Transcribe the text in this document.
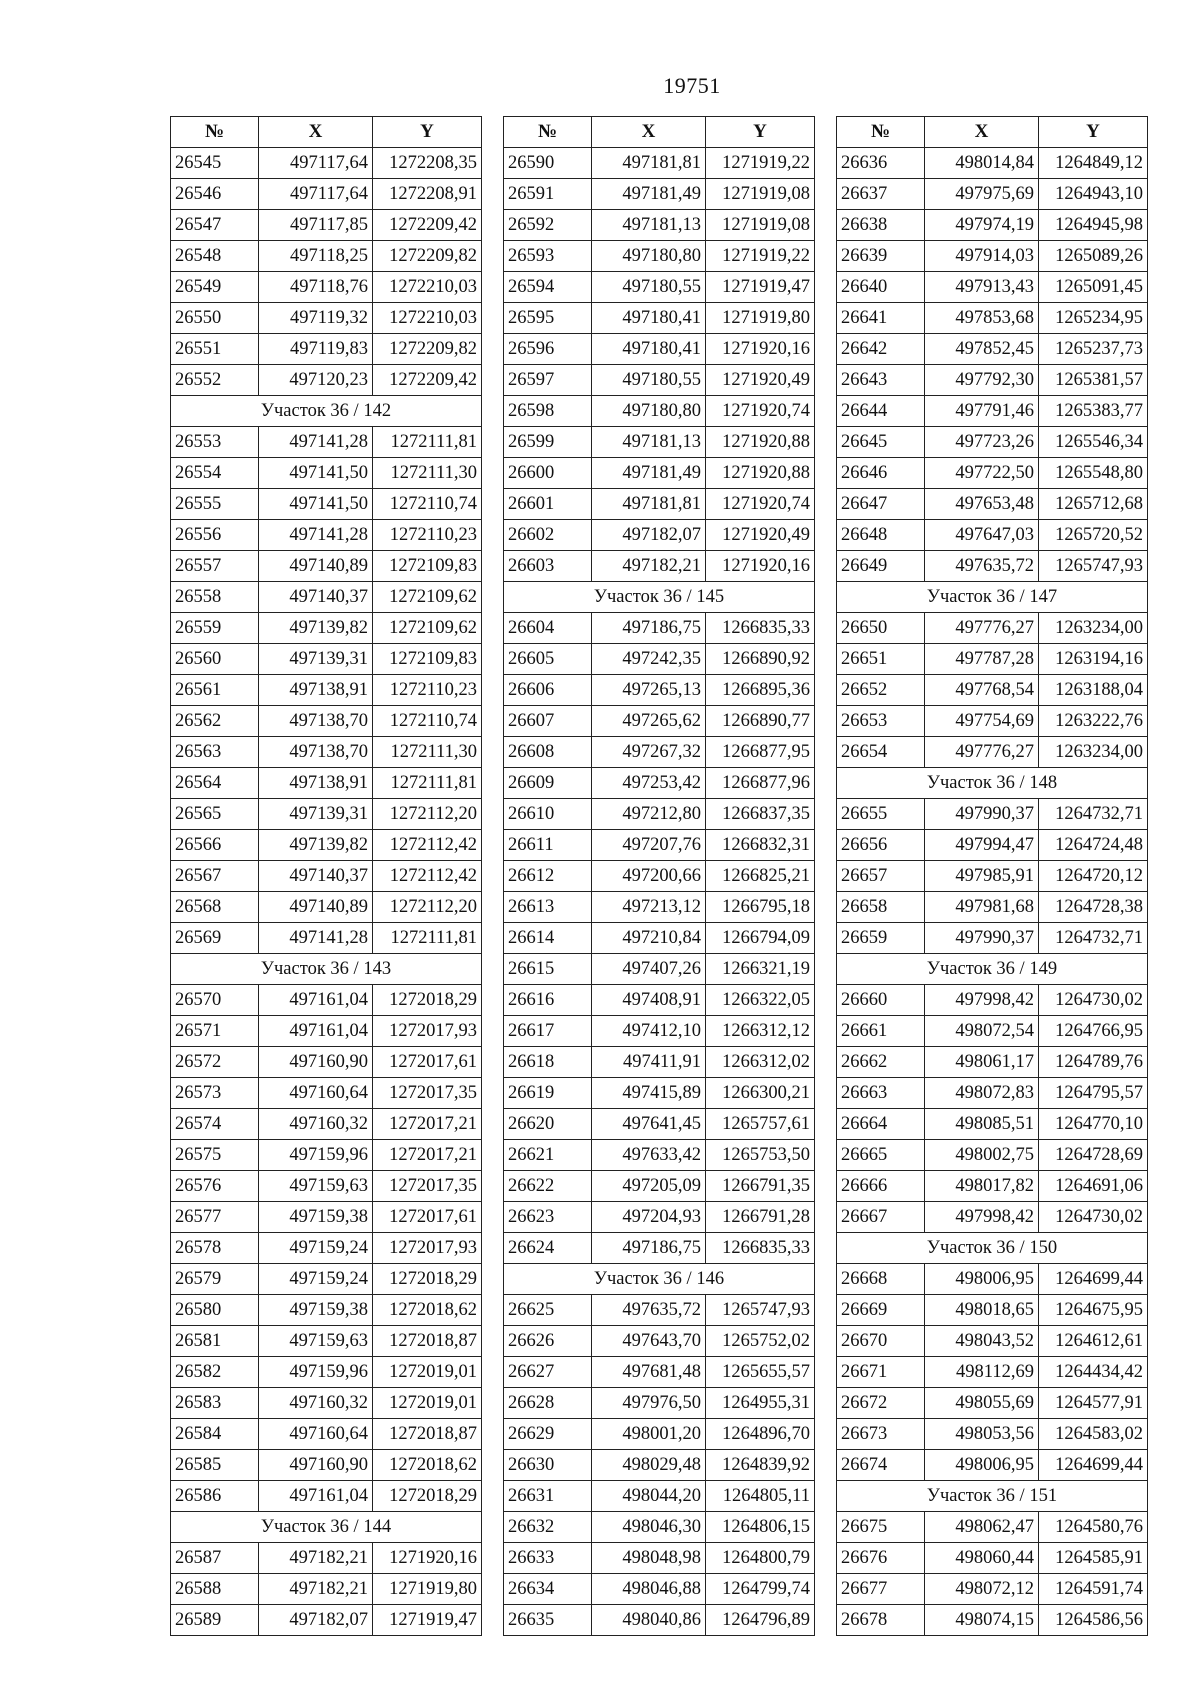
19751
№	X	Y
26545	497117,64	1272208,35
26546	497117,64	1272208,91
26547	497117,85	1272209,42
26548	497118,25	1272209,82
26549	497118,76	1272210,03
26550	497119,32	1272210,03
26551	497119,83	1272209,82
26552	497120,23	1272209,42
Участок 36 / 142		
26553	497141,28	1272111,81
26554	497141,50	1272111,30
26555	497141,50	1272110,74
26556	497141,28	1272110,23
26557	497140,89	1272109,83
26558	497140,37	1272109,62
26559	497139,82	1272109,62
26560	497139,31	1272109,83
26561	497138,91	1272110,23
26562	497138,70	1272110,74
26563	497138,70	1272111,30
26564	497138,91	1272111,81
26565	497139,31	1272112,20
26566	497139,82	1272112,42
26567	497140,37	1272112,42
26568	497140,89	1272112,20
26569	497141,28	1272111,81
Участок 36 / 143		
26570	497161,04	1272018,29
26571	497161,04	1272017,93
26572	497160,90	1272017,61
26573	497160,64	1272017,35
26574	497160,32	1272017,21
26575	497159,96	1272017,21
26576	497159,63	1272017,35
26577	497159,38	1272017,61
26578	497159,24	1272017,93
26579	497159,24	1272018,29
26580	497159,38	1272018,62
26581	497159,63	1272018,87
26582	497159,96	1272019,01
26583	497160,32	1272019,01
26584	497160,64	1272018,87
26585	497160,90	1272018,62
26586	497161,04	1272018,29
Участок 36 / 144		
26587	497182,21	1271920,16
26588	497182,21	1271919,80
26589	497182,07	1271919,47
№	X	Y
26590	497181,81	1271919,22
26591	497181,49	1271919,08
26592	497181,13	1271919,08
26593	497180,80	1271919,22
26594	497180,55	1271919,47
26595	497180,41	1271919,80
26596	497180,41	1271920,16
26597	497180,55	1271920,49
26598	497180,80	1271920,74
26599	497181,13	1271920,88
26600	497181,49	1271920,88
26601	497181,81	1271920,74
26602	497182,07	1271920,49
26603	497182,21	1271920,16
Участок 36 / 145		
26604	497186,75	1266835,33
26605	497242,35	1266890,92
26606	497265,13	1266895,36
26607	497265,62	1266890,77
26608	497267,32	1266877,95
26609	497253,42	1266877,96
26610	497212,80	1266837,35
26611	497207,76	1266832,31
26612	497200,66	1266825,21
26613	497213,12	1266795,18
26614	497210,84	1266794,09
26615	497407,26	1266321,19
26616	497408,91	1266322,05
26617	497412,10	1266312,12
26618	497411,91	1266312,02
26619	497415,89	1266300,21
26620	497641,45	1265757,61
26621	497633,42	1265753,50
26622	497205,09	1266791,35
26623	497204,93	1266791,28
26624	497186,75	1266835,33
Участок 36 / 146		
26625	497635,72	1265747,93
26626	497643,70	1265752,02
26627	497681,48	1265655,57
26628	497976,50	1264955,31
26629	498001,20	1264896,70
26630	498029,48	1264839,92
26631	498044,20	1264805,11
26632	498046,30	1264806,15
26633	498048,98	1264800,79
26634	498046,88	1264799,74
26635	498040,86	1264796,89
№	X	Y
26636	498014,84	1264849,12
26637	497975,69	1264943,10
26638	497974,19	1264945,98
26639	497914,03	1265089,26
26640	497913,43	1265091,45
26641	497853,68	1265234,95
26642	497852,45	1265237,73
26643	497792,30	1265381,57
26644	497791,46	1265383,77
26645	497723,26	1265546,34
26646	497722,50	1265548,80
26647	497653,48	1265712,68
26648	497647,03	1265720,52
26649	497635,72	1265747,93
Участок 36 / 147		
26650	497776,27	1263234,00
26651	497787,28	1263194,16
26652	497768,54	1263188,04
26653	497754,69	1263222,76
26654	497776,27	1263234,00
Участок 36 / 148		
26655	497990,37	1264732,71
26656	497994,47	1264724,48
26657	497985,91	1264720,12
26658	497981,68	1264728,38
26659	497990,37	1264732,71
Участок 36 / 149		
26660	497998,42	1264730,02
26661	498072,54	1264766,95
26662	498061,17	1264789,76
26663	498072,83	1264795,57
26664	498085,51	1264770,10
26665	498002,75	1264728,69
26666	498017,82	1264691,06
26667	497998,42	1264730,02
Участок 36 / 150		
26668	498006,95	1264699,44
26669	498018,65	1264675,95
26670	498043,52	1264612,61
26671	498112,69	1264434,42
26672	498055,69	1264577,91
26673	498053,56	1264583,02
26674	498006,95	1264699,44
Участок 36 / 151		
26675	498062,47	1264580,76
26676	498060,44	1264585,91
26677	498072,12	1264591,74
26678	498074,15	1264586,56
